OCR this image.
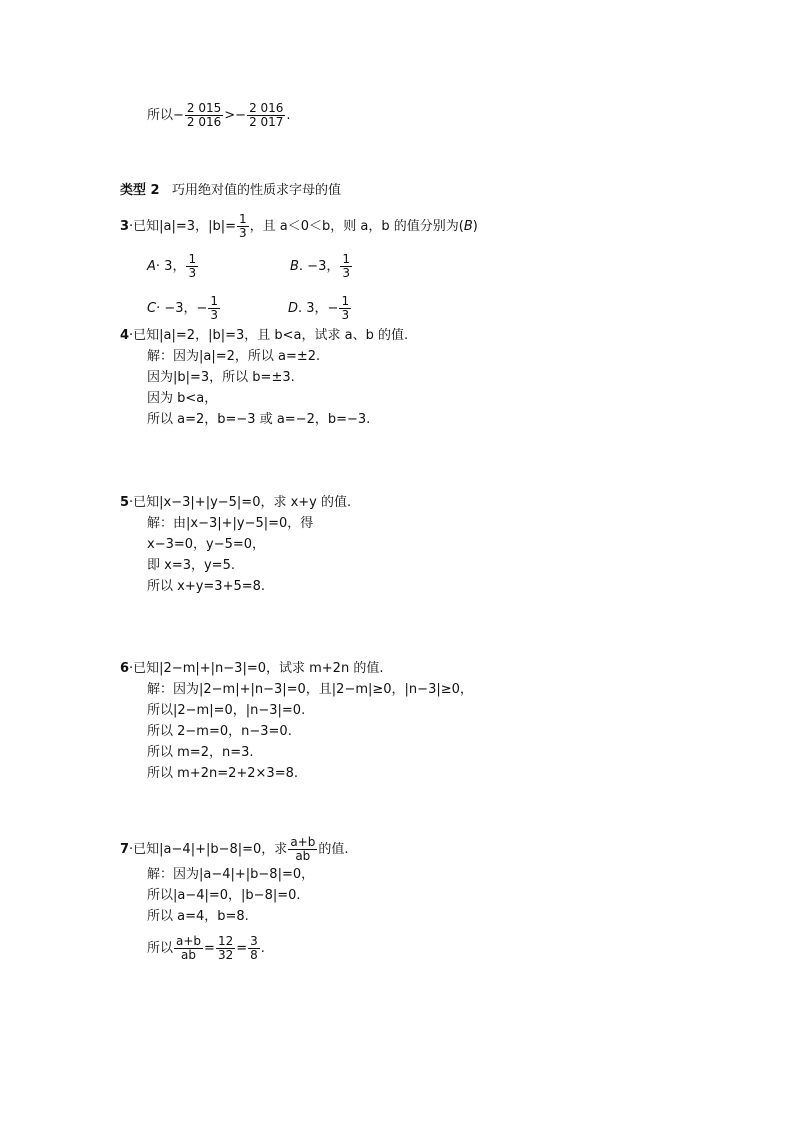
所以− $\frac{2 015}{2 016} >- \frac{2 016}{2 017}$ .
类型 2 巧用绝对值的性质求字母的值
3·已知|a|=3，$|b|= \frac{1}{3}$ ，且 a＜0＜b，则 a，b 的值分别为(B)
A· 3， $\frac{1}{3}$	B. −3， $\frac{1}{3}$
C· −3，− $\frac{1}{3}$	D. 3，− $\frac{1}{3}$
4·已知|a|=2，|b|=3，且 b<a，试求 a、b 的值.
解：因为|a|=2，所以 a=±2.
因为|b|=3，所以 b=±3.
因为 b<a，
所以 a=2，b=−3 或 a=−2，b=−3.
5·已知|x−3|+|y−5|=0，求 x+y 的值.
解：由|x−3|+|y−5|=0，得
x−3=0，y−5=0，
即 x=3，y=5.
所以 x+y=3+5=8.
6·已知|2−m|+|n−3|=0，试求 m+2n 的值.
解：因为|2−m|+|n−3|=0，且|2−m|≥0，|n−3|≥0，
所以|2−m|=0，|n−3|=0.
所以 2−m=0，n−3=0.
所以 m=2，n=3.
所以 m+2n=2+2×3=8.
7·已知|a−4|+|b−8|=0，求 $\frac{a+b}{ab}$ 的值.
解：因为|a−4|+|b−8|=0，
所以|a−4|=0，|b−8|=0.
所以 a=4，b=8.
所以 $\frac{a+b}{ab} = \frac{12}{32} = \frac{3}{8}$ .
